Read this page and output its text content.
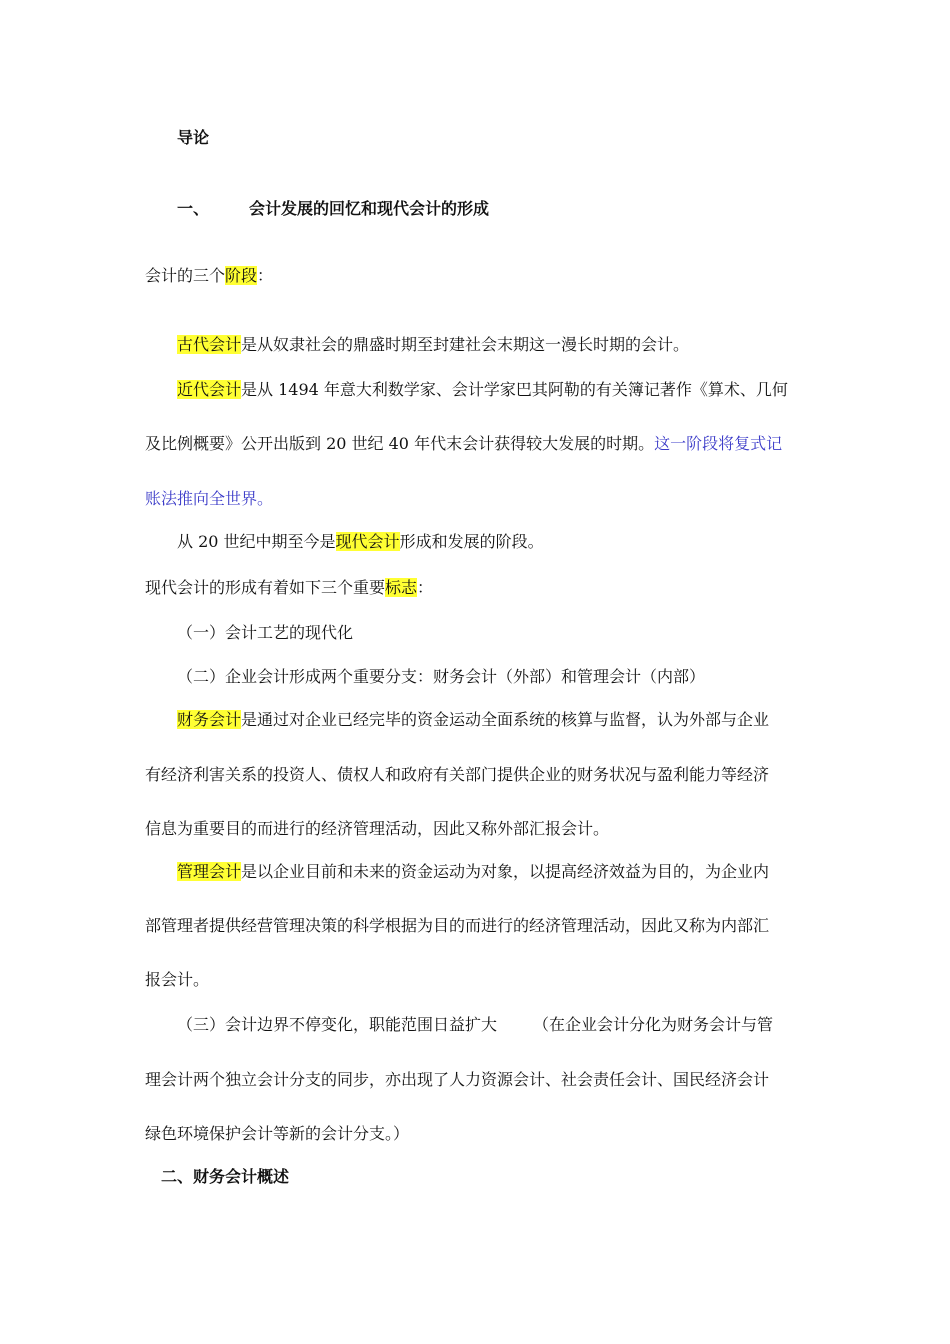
导论
一、	会计发展的回忆和现代会计的形成
会计的三个阶段：
古代会计是从奴隶社会的鼎盛时期至封建社会末期这一漫长时期的会计。
近代会计是从 1494 年意大利数学家、会计学家巴其阿勒的有关簿记著作《算术、几何
及比例概要》公开出版到 20 世纪 40 年代末会计获得较大发展的时期。这一阶段将复式记
账法推向全世界。
从 20 世纪中期至今是现代会计形成和发展的阶段。
现代会计的形成有着如下三个重要标志：
（一）会计工艺的现代化
（二）企业会计形成两个重要分支：财务会计（外部）和管理会计（内部）
财务会计是通过对企业已经完毕的资金运动全面系统的核算与监督，认为外部与企业
有经济利害关系的投资人、债权人和政府有关部门提供企业的财务状况与盈利能力等经济
信息为重要目的而进行的经济管理活动，因此又称外部汇报会计。
管理会计是以企业目前和未来的资金运动为对象，以提高经济效益为目的，为企业内
部管理者提供经营管理决策的科学根据为目的而进行的经济管理活动，因此又称为内部汇
报会计。
（三）会计边界不停变化，职能范围日益扩大 （在企业会计分化为财务会计与管
理会计两个独立会计分支的同步，亦出现了人力资源会计、社会责任会计、国民经济会计
绿色环境保护会计等新的会计分支。）
二、财务会计概述
